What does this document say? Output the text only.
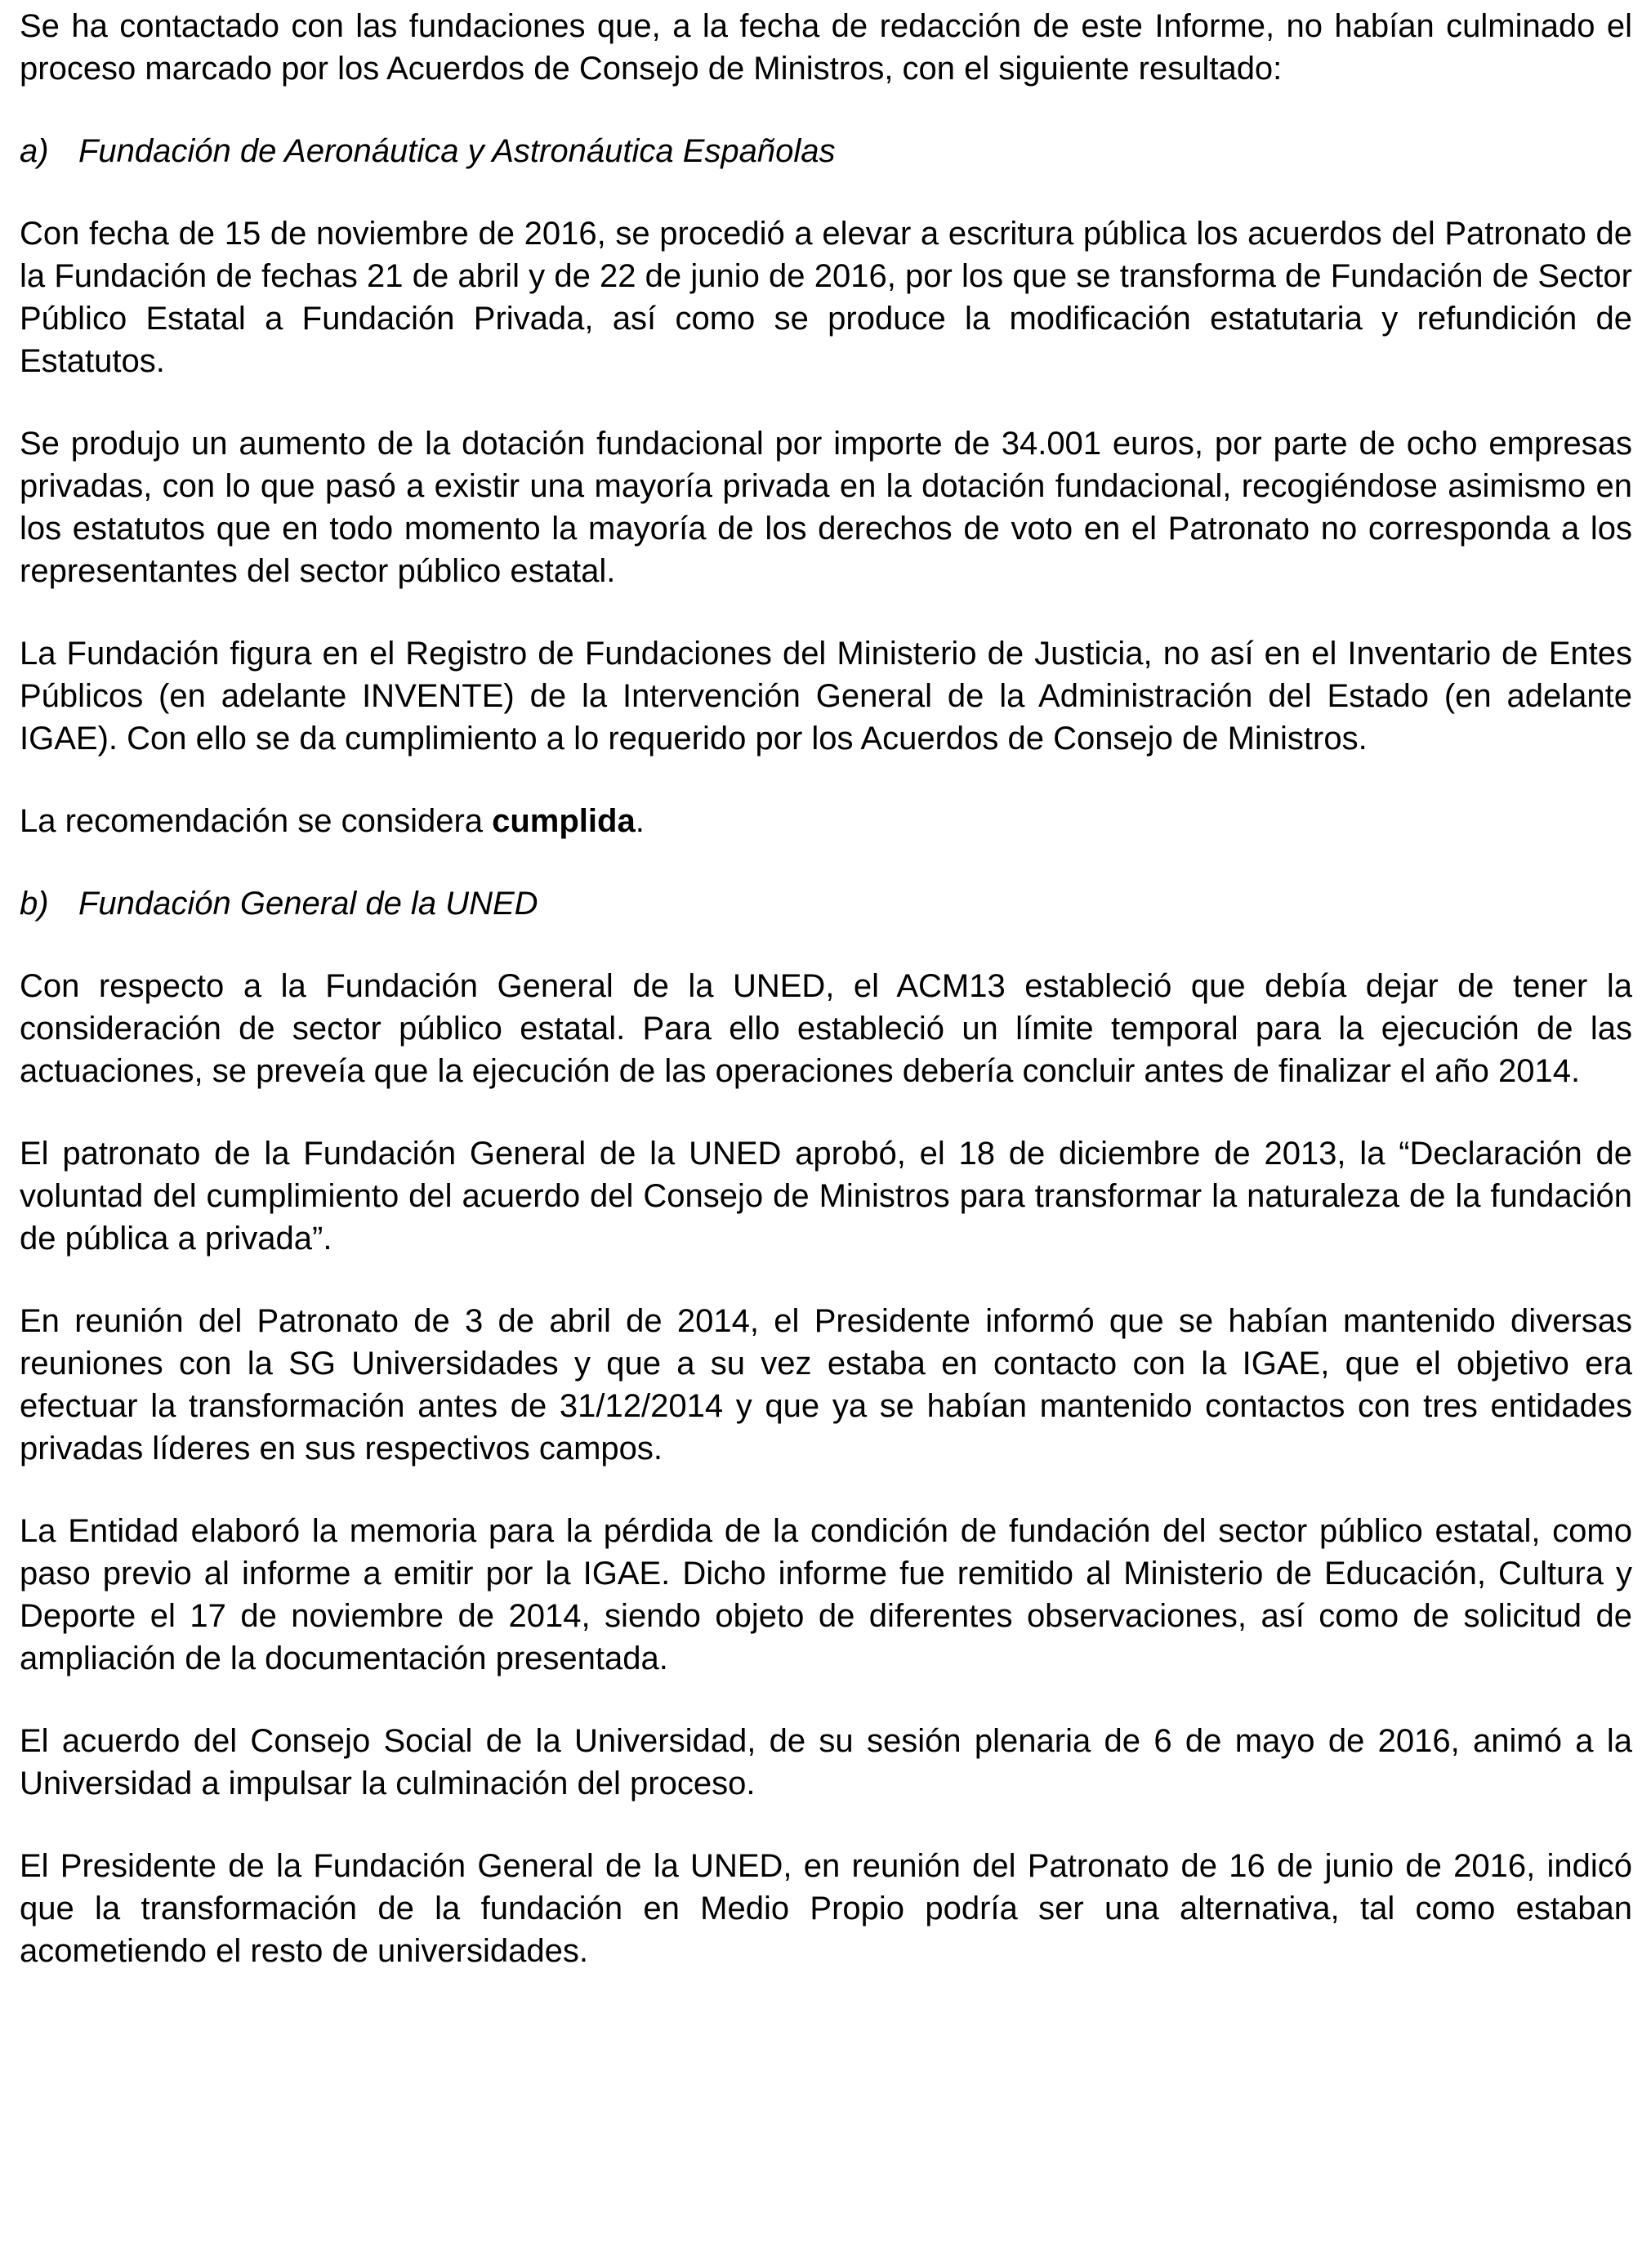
Se ha contactado con las fundaciones que, a la fecha de redacción de este Informe, no habían culminado el proceso marcado por los Acuerdos de Consejo de Ministros, con el siguiente resultado:

a) Fundación de Aeronáutica y Astronáutica Españolas

Con fecha de 15 de noviembre de 2016, se procedió a elevar a escritura pública los acuerdos del Patronato de la Fundación de fechas 21 de abril y de 22 de junio de 2016, por los que se transforma de Fundación de Sector Público Estatal a Fundación Privada, así como se produce la modificación estatutaria y refundición de Estatutos.

Se produjo un aumento de la dotación fundacional por importe de 34.001 euros, por parte de ocho empresas privadas, con lo que pasó a existir una mayoría privada en la dotación fundacional, recogiéndose asimismo en los estatutos que en todo momento la mayoría de los derechos de voto en el Patronato no corresponda a los representantes del sector público estatal.

La Fundación figura en el Registro de Fundaciones del Ministerio de Justicia, no así en el Inventario de Entes Públicos (en adelante INVENTE) de la Intervención General de la Administración del Estado (en adelante IGAE). Con ello se da cumplimiento a lo requerido por los Acuerdos de Consejo de Ministros.

La recomendación se considera cumplida.

b) Fundación General de la UNED

Con respecto a la Fundación General de la UNED, el ACM13 estableció que debía dejar de tener la consideración de sector público estatal. Para ello estableció un límite temporal para la ejecución de las actuaciones, se preveía que la ejecución de las operaciones debería concluir antes de finalizar el año 2014.

El patronato de la Fundación General de la UNED aprobó, el 18 de diciembre de 2013, la “Declaración de voluntad del cumplimiento del acuerdo del Consejo de Ministros para transformar la naturaleza de la fundación de pública a privada”.

En reunión del Patronato de 3 de abril de 2014, el Presidente informó que se habían mantenido diversas reuniones con la SG Universidades y que a su vez estaba en contacto con la IGAE, que el objetivo era efectuar la transformación antes de 31/12/2014 y que ya se habían mantenido contactos con tres entidades privadas líderes en sus respectivos campos.

La Entidad elaboró la memoria para la pérdida de la condición de fundación del sector público estatal, como paso previo al informe a emitir por la IGAE. Dicho informe fue remitido al Ministerio de Educación, Cultura y Deporte el 17 de noviembre de 2014, siendo objeto de diferentes observaciones, así como de solicitud de ampliación de la documentación presentada.

El acuerdo del Consejo Social de la Universidad, de su sesión plenaria de 6 de mayo de 2016, animó a la Universidad a impulsar la culminación del proceso.

El Presidente de la Fundación General de la UNED, en reunión del Patronato de 16 de junio de 2016, indicó que la transformación de la fundación en Medio Propio podría ser una alternativa, tal como estaban acometiendo el resto de universidades.
